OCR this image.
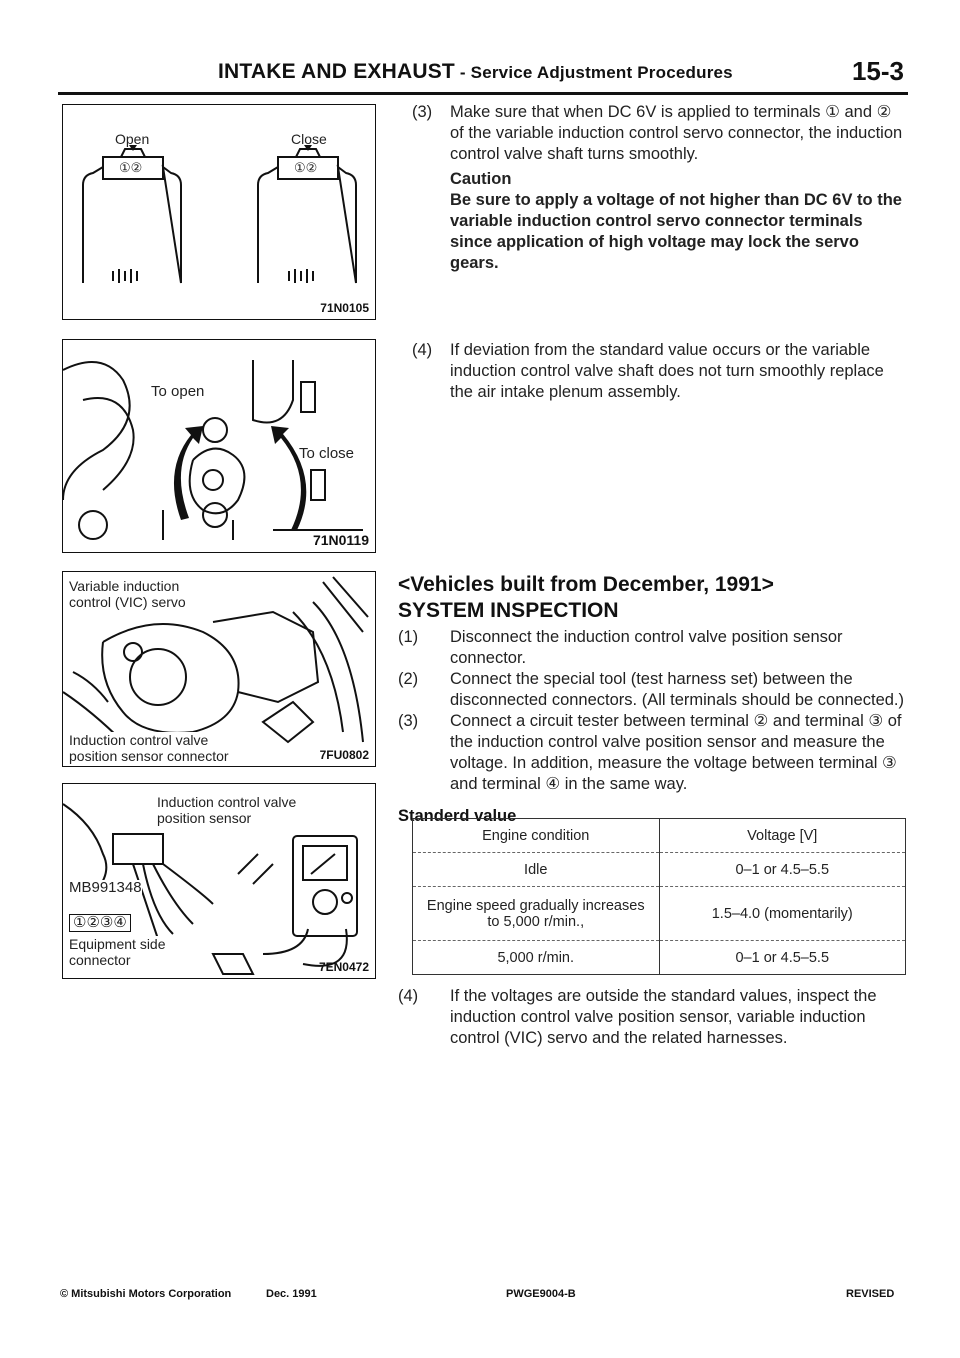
INTAKE AND EXHAUST - Service Adjustment Procedures	15-3
Open	Close
①②	①②
71N0105
To open
To close
71N0119
Variable induction
control (VIC) servo
Induction control valve
position sensor connector	7FU0802
Induction control valve
position sensor
MB991348
①②③④
Equipment side
connector	7EN0472
(3) Make sure that when DC 6V is applied to terminals ① and ② of the variable induction control servo connector, the induction control valve shaft turns smoothly.
Caution
Be sure to apply a voltage of not higher than DC 6V to the variable induction control servo connector terminals since application of high voltage may lock the servo gears.
(4) If deviation from the standard value occurs or the variable induction control valve shaft does not turn smoothly replace the air intake plenum assembly.
<Vehicles built from December, 1991>
SYSTEM INSPECTION
(1) Disconnect the induction control valve position sensor connector.
(2) Connect the special tool (test harness set) between the disconnected connectors. (All terminals should be connected.)
(3) Connect a circuit tester between terminal ② and terminal ③ of the induction control valve position sensor and measure the voltage. In addition, measure the voltage between terminal ③ and terminal ④ in the same way.
Standerd value
Engine condition	Voltage [V]
Idle	0–1 or 4.5–5.5
Engine speed gradually increases to 5,000 r/min.,	1.5–4.0 (momentarily)
5,000 r/min.	0–1 or 4.5–5.5
(4) If the voltages are outside the standard values, inspect the induction control valve position sensor, variable induction control (VIC) servo and the related harnesses.
© Mitsubishi Motors Corporation	Dec. 1991	PWGE9004-B	REVISED
